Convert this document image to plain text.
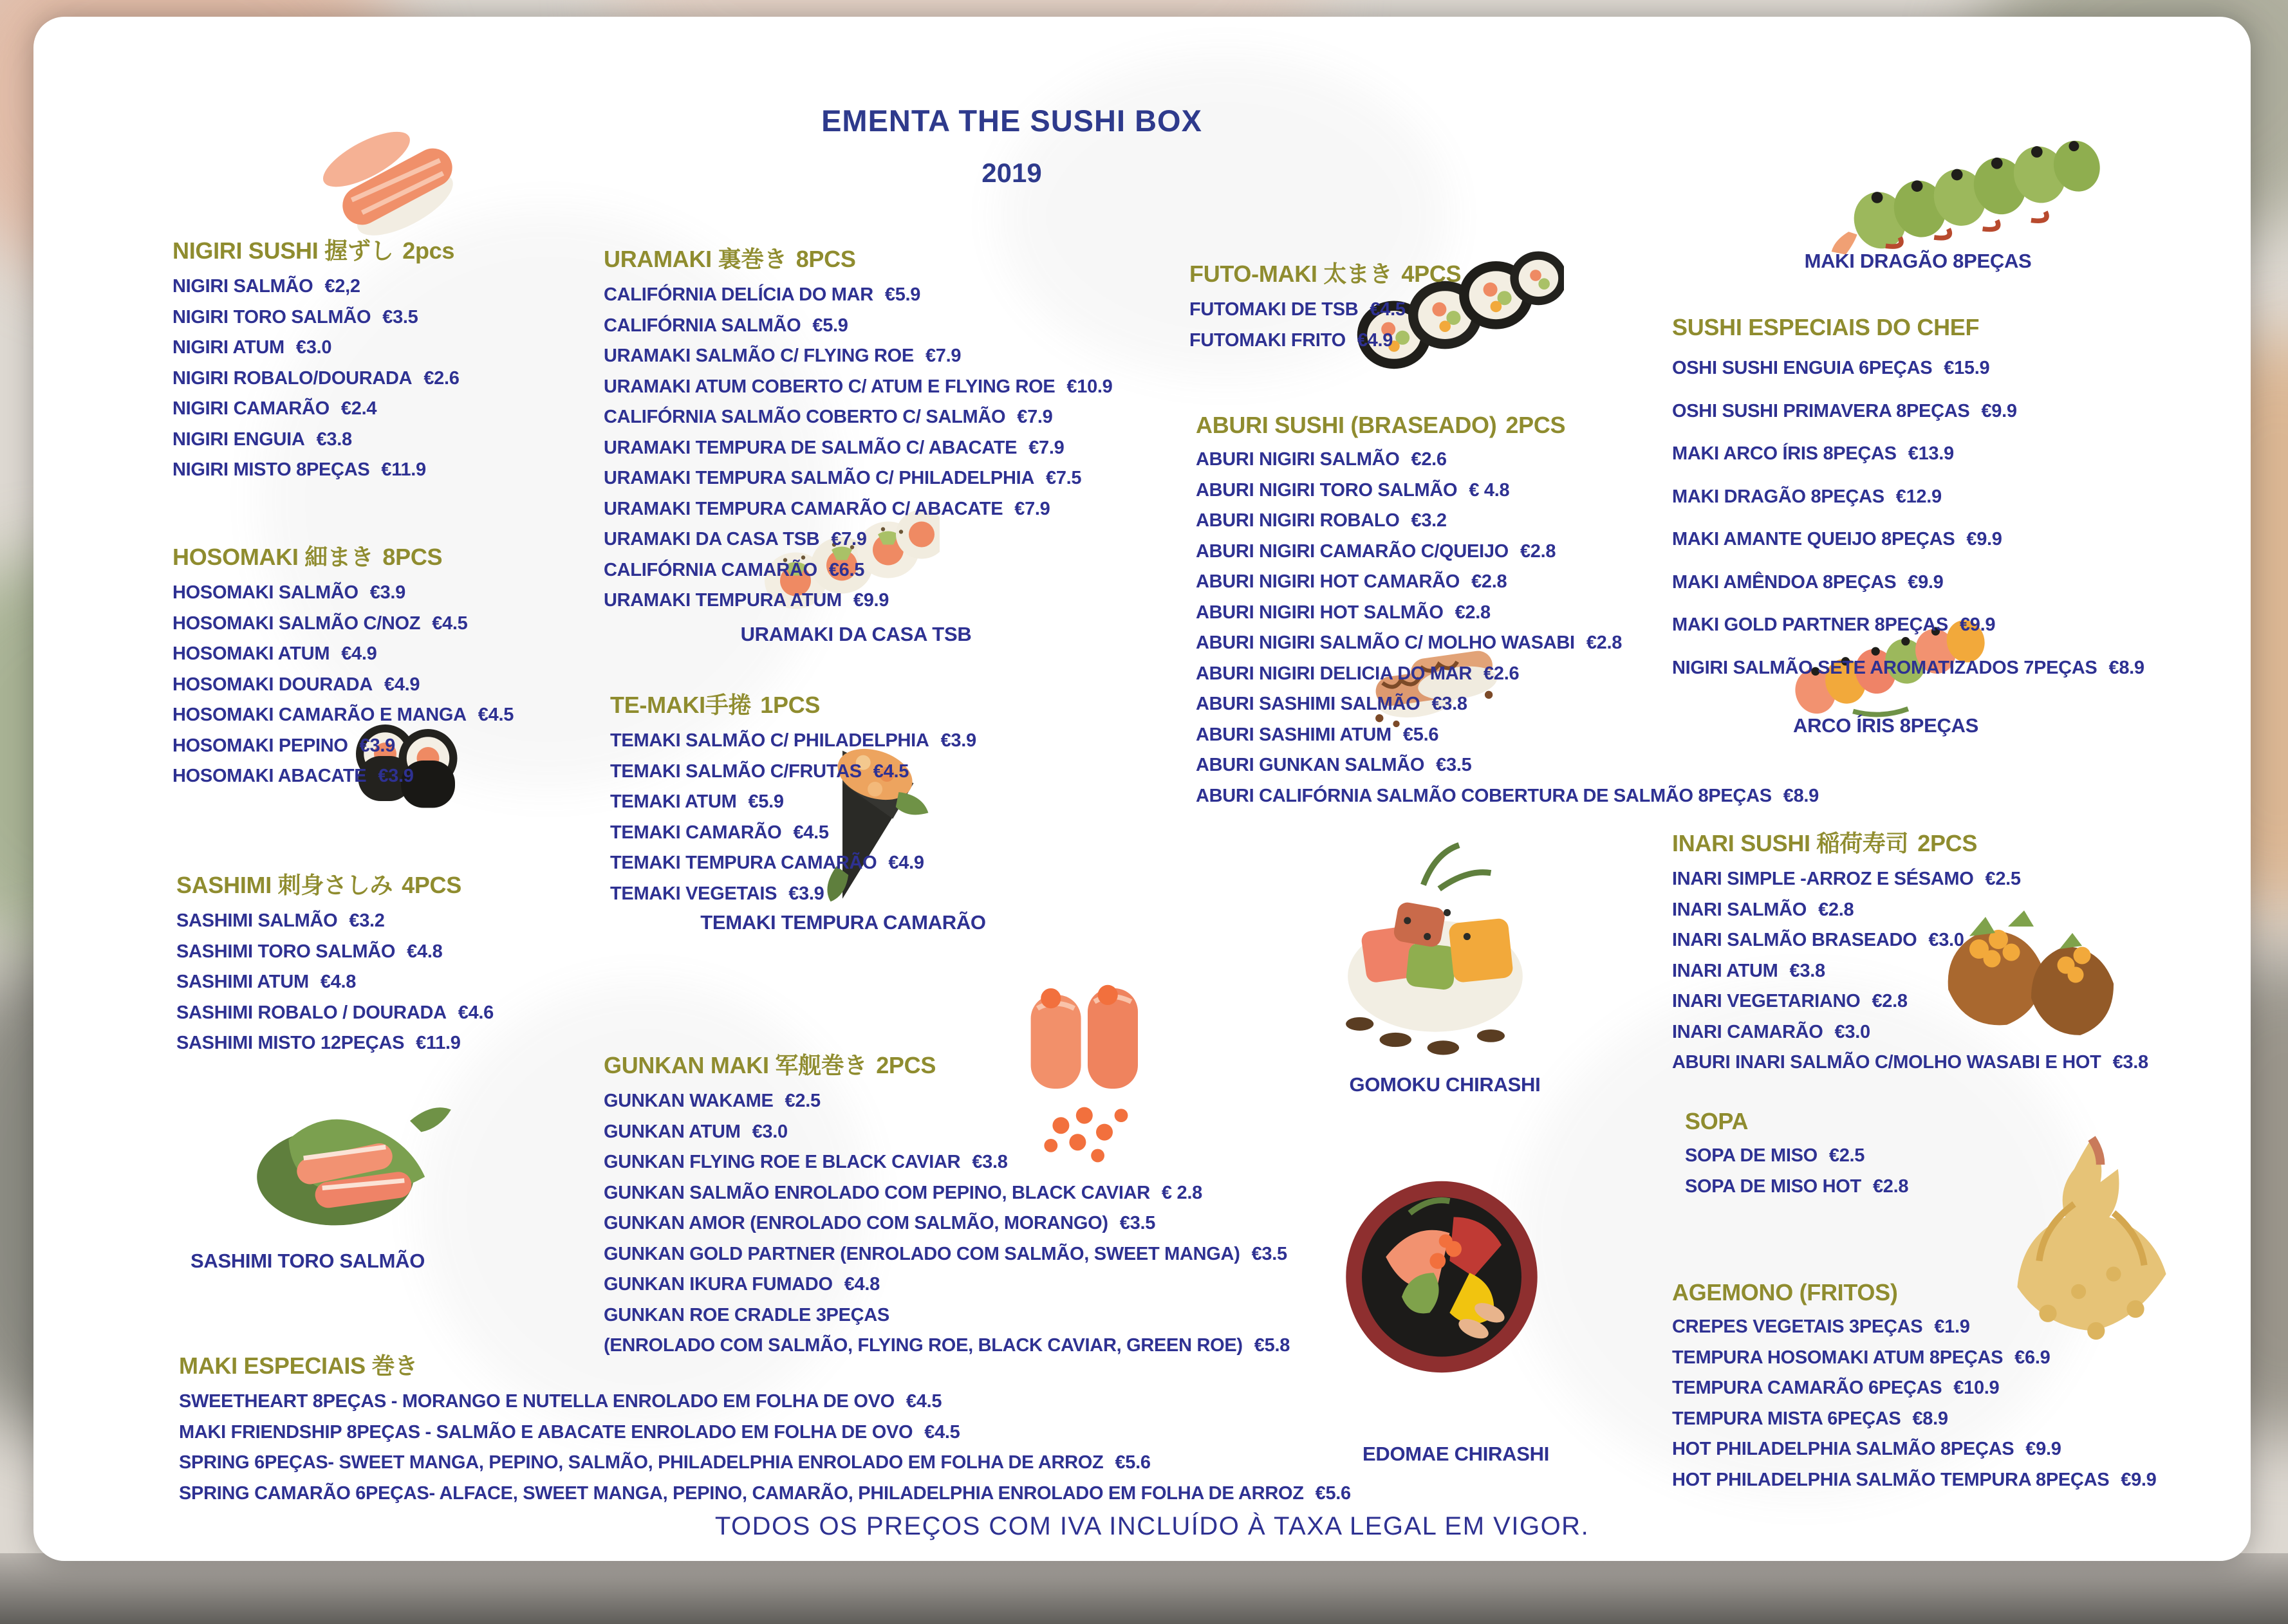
EMENTA THE SUSHI BOX
2019
NIGIRI SUSHI 握ずし 2pcs
NIGIRI SALMÃO €2,2
NIGIRI TORO SALMÃO €3.5
NIGIRI ATUM €3.0
NIGIRI ROBALO/DOURADA €2.6
NIGIRI CAMARÃO €2.4
NIGIRI ENGUIA €3.8
NIGIRI MISTO 8PEÇAS €11.9
HOSOMAKI 細まき 8PCS
HOSOMAKI SALMÃO €3.9
HOSOMAKI SALMÃO C/NOZ €4.5
HOSOMAKI ATUM €4.9
HOSOMAKI DOURADA €4.9
HOSOMAKI CAMARÃO E MANGA €4.5
HOSOMAKI PEPINO €3.9
HOSOMAKI ABACATE €3.9
SASHIMI 刺身さしみ 4PCS
SASHIMI SALMÃO €3.2
SASHIMI TORO SALMÃO €4.8
SASHIMI ATUM €4.8
SASHIMI ROBALO / DOURADA €4.6
SASHIMI MISTO 12PEÇAS €11.9
MAKI ESPECIAIS 巻き
SWEETHEART 8PEÇAS - MORANGO E NUTELLA ENROLADO EM FOLHA DE OVO €4.5
MAKI FRIENDSHIP 8PEÇAS - SALMÃO E ABACATE ENROLADO EM FOLHA DE OVO €4.5
SPRING 6PEÇAS- SWEET MANGA, PEPINO, SALMÃO, PHILADELPHIA ENROLADO EM FOLHA DE ARROZ €5.6
SPRING CAMARÃO 6PEÇAS- ALFACE, SWEET MANGA, PEPINO, CAMARÃO, PHILADELPHIA ENROLADO EM FOLHA DE ARROZ €5.6
URAMAKI 裏巻き 8PCS
CALIFÓRNIA DELÍCIA DO MAR €5.9
CALIFÓRNIA SALMÃO €5.9
URAMAKI SALMÃO C/ FLYING ROE €7.9
URAMAKI ATUM COBERTO C/ ATUM E FLYING ROE €10.9
CALIFÓRNIA SALMÃO COBERTO C/ SALMÃO €7.9
URAMAKI TEMPURA DE SALMÃO C/ ABACATE €7.9
URAMAKI TEMPURA SALMÃO C/ PHILADELPHIA €7.5
URAMAKI TEMPURA CAMARÃO C/ ABACATE €7.9
URAMAKI DA CASA TSB €7.9
CALIFÓRNIA CAMARÃO €6.5
URAMAKI TEMPURA ATUM €9.9
TE-MAKI手捲 1PCS
TEMAKI SALMÃO C/ PHILADELPHIA €3.9
TEMAKI SALMÃO C/FRUTAS €4.5
TEMAKI ATUM €5.9
TEMAKI CAMARÃO €4.5
TEMAKI TEMPURA CAMARÃO €4.9
TEMAKI VEGETAIS €3.9
GUNKAN MAKI 军舰巻き 2PCS
GUNKAN WAKAME €2.5
GUNKAN ATUM €3.0
GUNKAN FLYING ROE E BLACK CAVIAR €3.8
GUNKAN SALMÃO ENROLADO COM PEPINO, BLACK CAVIAR € 2.8
GUNKAN AMOR (ENROLADO COM SALMÃO, MORANGO) €3.5
GUNKAN GOLD PARTNER (ENROLADO COM SALMÃO, SWEET MANGA) €3.5
GUNKAN IKURA FUMADO €4.8
GUNKAN ROE CRADLE 3PEÇAS
(ENROLADO COM SALMÃO, FLYING ROE, BLACK CAVIAR, GREEN ROE) €5.8
FUTO-MAKI 太まき 4PCS
FUTOMAKI DE TSB €4.5
FUTOMAKI FRITO €4.9
ABURI SUSHI (BRASEADO) 2PCS
ABURI NIGIRI SALMÃO €2.6
ABURI NIGIRI TORO SALMÃO € 4.8
ABURI NIGIRI ROBALO €3.2
ABURI NIGIRI CAMARÃO C/QUEIJO €2.8
ABURI NIGIRI HOT CAMARÃO €2.8
ABURI NIGIRI HOT SALMÃO €2.8
ABURI NIGIRI SALMÃO C/ MOLHO WASABI €2.8
ABURI NIGIRI DELICIA DO MAR €2.6
ABURI SASHIMI SALMÃO €3.8
ABURI SASHIMI ATUM €5.6
ABURI GUNKAN SALMÃO €3.5
ABURI CALIFÓRNIA SALMÃO COBERTURA DE SALMÃO 8PEÇAS €8.9
SUSHI ESPECIAIS DO CHEF
OSHI SUSHI ENGUIA 6PEÇAS €15.9
OSHI SUSHI PRIMAVERA 8PEÇAS €9.9
MAKI ARCO ÍRIS 8PEÇAS €13.9
MAKI DRAGÃO 8PEÇAS €12.9
MAKI AMANTE QUEIJO 8PEÇAS €9.9
MAKI AMÊNDOA 8PEÇAS €9.9
MAKI GOLD PARTNER 8PEÇAS €9.9
NIGIRI SALMÃO SETE AROMATIZADOS 7PEÇAS €8.9
INARI SUSHI 稲荷寿司 2PCS
INARI SIMPLE -ARROZ E SÉSAMO €2.5
INARI SALMÃO €2.8
INARI SALMÃO BRASEADO €3.0
INARI ATUM €3.8
INARI VEGETARIANO €2.8
INARI CAMARÃO €3.0
ABURI INARI SALMÃO C/MOLHO WASABI E HOT €3.8
SOPA
SOPA DE MISO €2.5
SOPA DE MISO HOT €2.8
AGEMONO (FRITOS)
CREPES VEGETAIS 3PEÇAS €1.9
TEMPURA HOSOMAKI ATUM 8PEÇAS €6.9
TEMPURA CAMARÃO 6PEÇAS €10.9
TEMPURA MISTA 6PEÇAS €8.9
HOT PHILADELPHIA SALMÃO 8PEÇAS €9.9
HOT PHILADELPHIA SALMÃO TEMPURA 8PEÇAS €9.9
MAKI DRAGÃO 8PEÇAS
URAMAKI DA CASA TSB
TEMAKI TEMPURA CAMARÃO
SASHIMI TORO SALMÃO
GOMOKU CHIRASHI
EDOMAE CHIRASHI
ARCO ÍRIS 8PEÇAS
TODOS OS PREÇOS COM IVA INCLUÍDO À TAXA LEGAL EM VIGOR.
